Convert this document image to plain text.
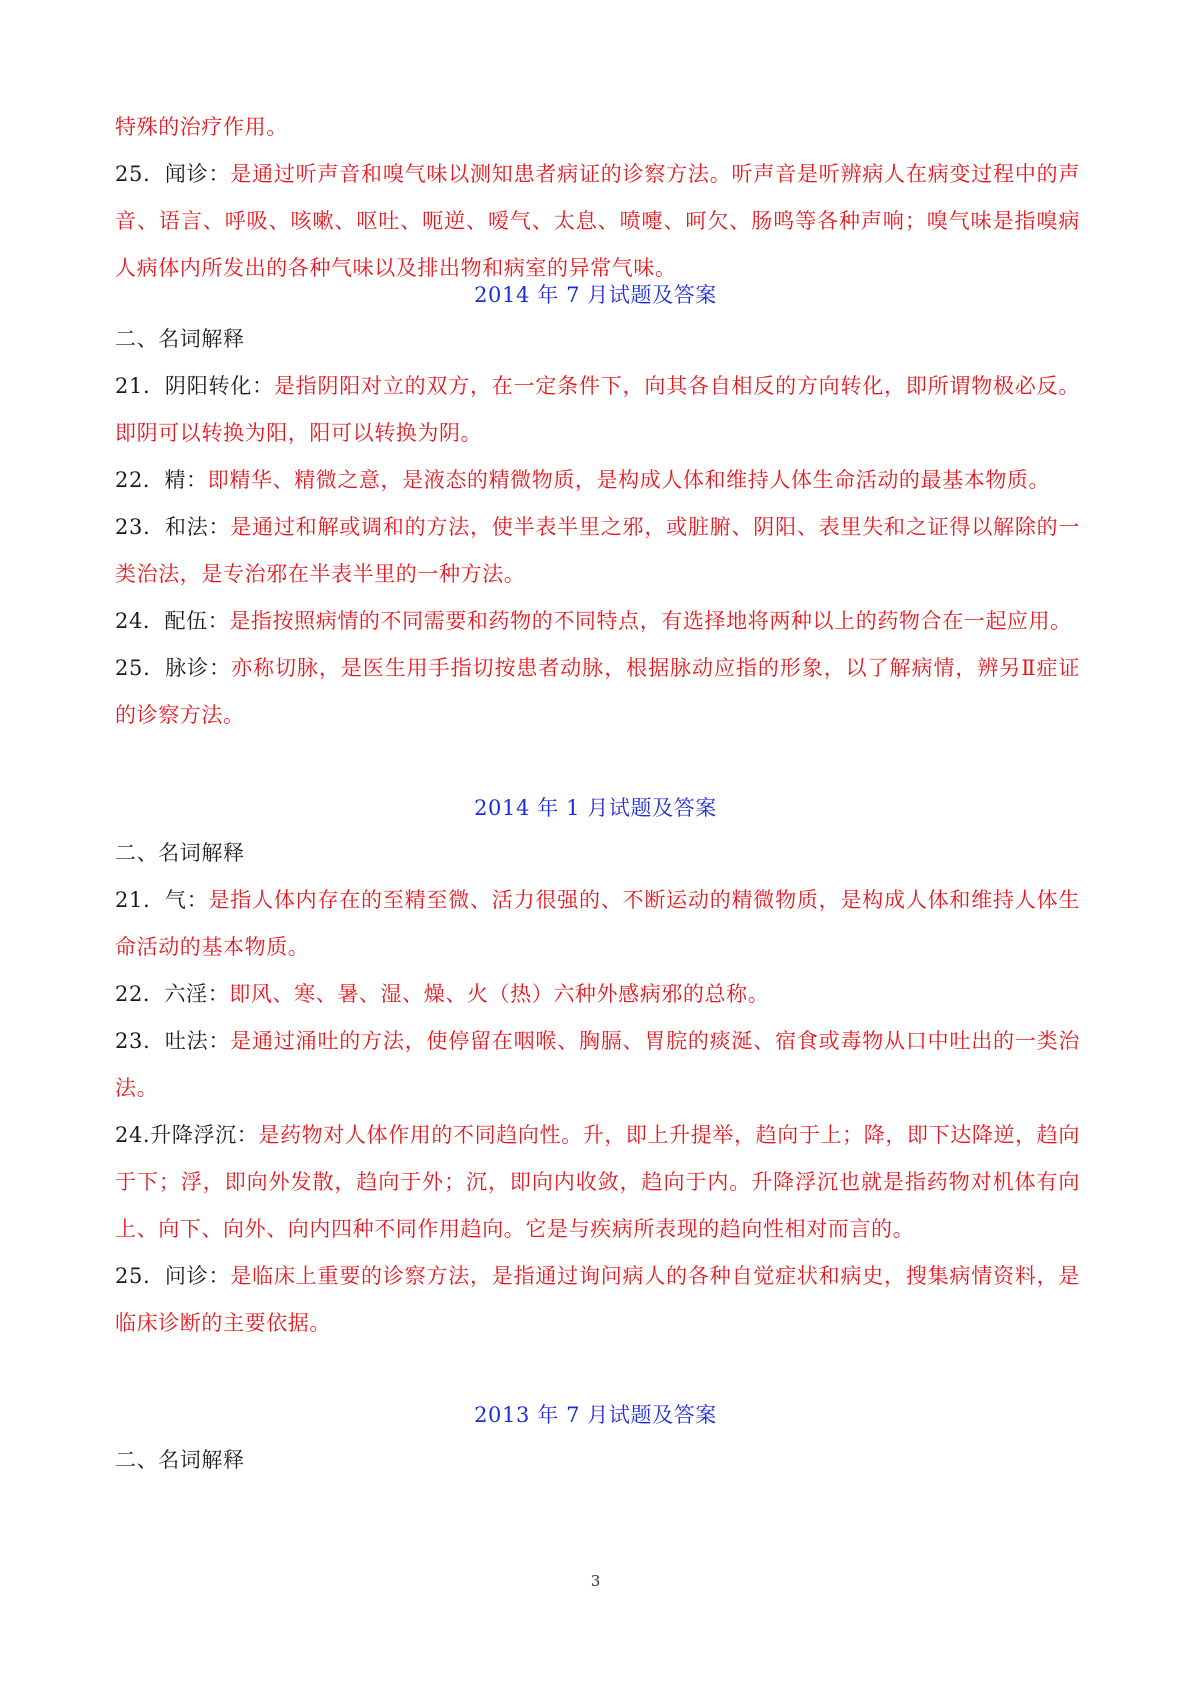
特殊的治疗作用。

25．闻诊：是通过听声音和嗅气味以测知患者病证的诊察方法。听声音是听辨病人在病变过程中的声音、语言、呼吸、咳嗽、呕吐、呃逆、嗳气、太息、喷嚏、呵欠、肠鸣等各种声响；嗅气味是指嗅病人病体内所发出的各种气味以及排出物和病室的异常气味。

2014 年 7 月试题及答案

二、名词解释

21．阴阳转化：是指阴阳对立的双方，在一定条件下，向其各自相反的方向转化，即所谓物极必反。即阴可以转换为阳，阳可以转换为阴。

22．精：即精华、精微之意，是液态的精微物质，是构成人体和维持人体生命活动的最基本物质。

23．和法：是通过和解或调和的方法，使半表半里之邪，或脏腑、阴阳、表里失和之证得以解除的一类治法，是专治邪在半表半里的一种方法。

24．配伍：是指按照病情的不同需要和药物的不同特点，有选择地将两种以上的药物合在一起应用。

25．脉诊：亦称切脉，是医生用手指切按患者动脉，根据脉动应指的形象，以了解病情，辨另Ⅱ症证的诊察方法。

2014 年 1 月试题及答案

二、名词解释

21．气：是指人体内存在的至精至微、活力很强的、不断运动的精微物质，是构成人体和维持人体生命活动的基本物质。

22．六淫：即风、寒、暑、湿、燥、火（热）六种外感病邪的总称。

23．吐法：是通过涌吐的方法，使停留在咽喉、胸膈、胃脘的痰涎、宿食或毒物从口中吐出的一类治法。

24.升降浮沉：是药物对人体作用的不同趋向性。升，即上升提举，趋向于上；降，即下达降逆，趋向于下；浮，即向外发散，趋向于外；沉，即向内收敛，趋向于内。升降浮沉也就是指药物对机体有向上、向下、向外、向内四种不同作用趋向。它是与疾病所表现的趋向性相对而言的。

25．问诊：是临床上重要的诊察方法，是指通过询问病人的各种自觉症状和病史，搜集病情资料，是临床诊断的主要依据。

2013 年 7 月试题及答案

二、名词解释

3
